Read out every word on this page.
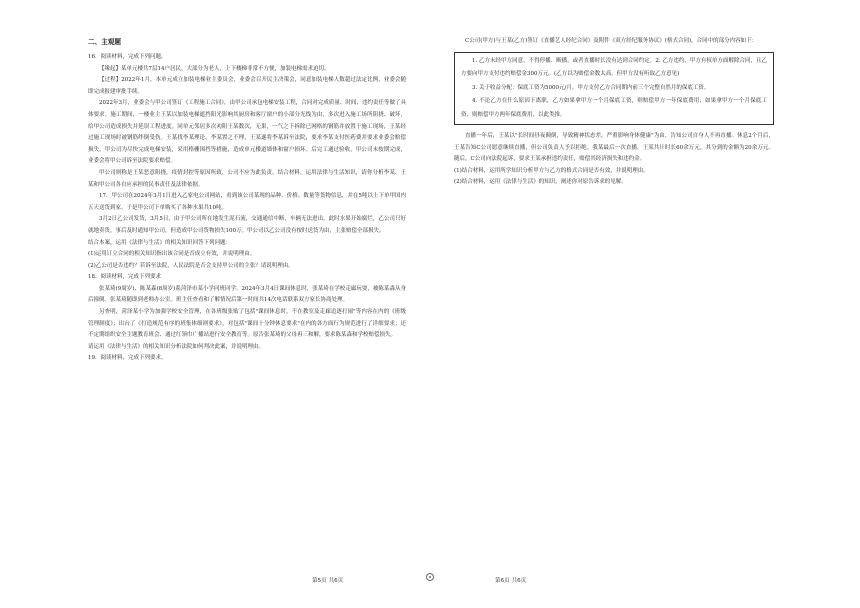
二、主观题

16．阅读材料，完成下列问题。

【缘起】某单元楼共7层14户居民，大部分为老人，上下楼梯非常不方便，加装电梯需求迫切。

【过程】2022年1月，本单元成立加装电梯业主委员会，业委会召开民主决策会，同意加装电梯人数超过法定比例，业委会随即完成报建审批手续。

2022年3月，业委会与甲公司签订《工程施工合同》，由甲公司承包电梯安装工程，合同对完成质量、时间、违约责任等做了具体要求。施工期间，一楼业主王某以加装电梯遮挡阳光影响其厨房和客厅窗户的小部分光线为由，多次进入施工场所阻挠、破坏，给甲公司造成损失并延误工程进度。同单元邻居多次劝阻王某数次，无果，一气之下拆除已网格的钢筋并放置于施工现场，王某经过施工现场时被钢筋绊倒受伤。王某找李某理论，李某置之不理，王某遂将李某诉至法院，要求李某支付医药费并要求业委会赔偿损失。甲公司为尽快完成电梯安装，采用格栅围挡等措施，造成单元楼道墙体和窗户损坏。后完工通过验收，甲公司未按期完成，业委会将甲公司诉至法院要求赔偿。

甲公司则称是王某恶意阻挠，疫情封控等原因所致，公司不应为此负责。结合材料，运用法律与生活知识，请你分析李某、王某和甲公司各自应承担的民事责任及法律依据。

17．甲公司在2024年3月1日进入乙家电公司网站，看到该公司某现的品种、价格、数量等货物信息，并在5吨以上下单甲国内五天送货到家。于是甲公司下单购买了各种水果共10吨。

3月2日乙公司发货，3月5日，由于甲公司所在地发生泥石流，交通通信中断，车辆无法进出，此时水果开始腐烂，乙公司只好就地卖货，事后及时通知甲公司，但造成甲公司货物损失100万。甲公司以乙公司没有按时送货为由，主张赔偿全部损失。

结合本案，运用《法律与生活》的相关知识回答下列问题：

(1)运用订立合同的相关知识指出该合同是否成立有效，并说明理由。

(2)乙公司是否违约？若诉至法院，人民法院是否会支持甲公司的主张？请说明理由。

18．阅读材料，完成下列要求

张某琦(9周岁)、陈某森(8周岁)系菏泽市某小学同班同学。2024年3月4日课间休息时，张某琦在学校走廊玩耍，被陈某森从身后撞倒。张某琦随即到老师办公室。班主任查看和了解情况后第一时间共14次电话联系双方家长协商处理。

另查明，菏泽某小学为加强学校安全管理，在各班级张贴了包括"课间休息时，不在教室及走廊追逐打闹"等内容在内的《班级管理制度》；出台了《打造规范有序的班集体细则要求》，对包括"课间十分钟休息要求"在内的各方面行为规范进行了详细要求；还不定期组织安全主题教育班会、通过红领巾广播站进行安全教育等。原告张某琦的父母再三和解，要求陈某森和学校赔偿损失。

请运用《法律与生活》的相关知识分析法院如何判决此案，并说明理由。

19．阅读材料，完成下列要求。

第5页 共6页

C公司(甲方)与王某(乙方)签订《直播艺人经纪合同》及附件《双方经纪服务协议》(格式合同)，合同中的部分内容如下：

1. 乙方未经甲方同意，不得停播、断播，或者直播时长没有达到合同约定。2. 乙方违约，甲方有权单方面解除合同，且乙方要向甲方支付违约赔偿金300万元。(乙方以为赔偿金数太高，但甲方没有听取乙方意见)

3. 关于收益分配：保底工资为5000元/月。甲方支付乙方合同期内前三个完整自然月的保底工资。

4. 不论乙方在什么原因下离职，乙方如果拿甲方一个月保底工资，则赔偿甲方一年保底费用；如果拿甲方一个月保底工资，则赔偿甲方两年保底费用，以此类推。

直播一年后，王某以"长时间昼夜颠倒，导致精神状态差，严重影响身体健康"为由，告知公司自身人不再直播。休息2个月后，王某告知C公司愿意继续直播，但公司负责人予以拒绝。我某最后一次直播，王某共计时长60余万元，其分到的金额为20余万元。随后，C公司向法院起诉，要求王某承担违约责任，赔偿其经济损失和违约金。

(1)结合材料，运用所学知识分析甲方与乙方的格式合同是否有效，并说明理由。

(2)结合材料，运用《法律与生活》的知识，阐述你对原告诉求的见解。

第6页 共6页
